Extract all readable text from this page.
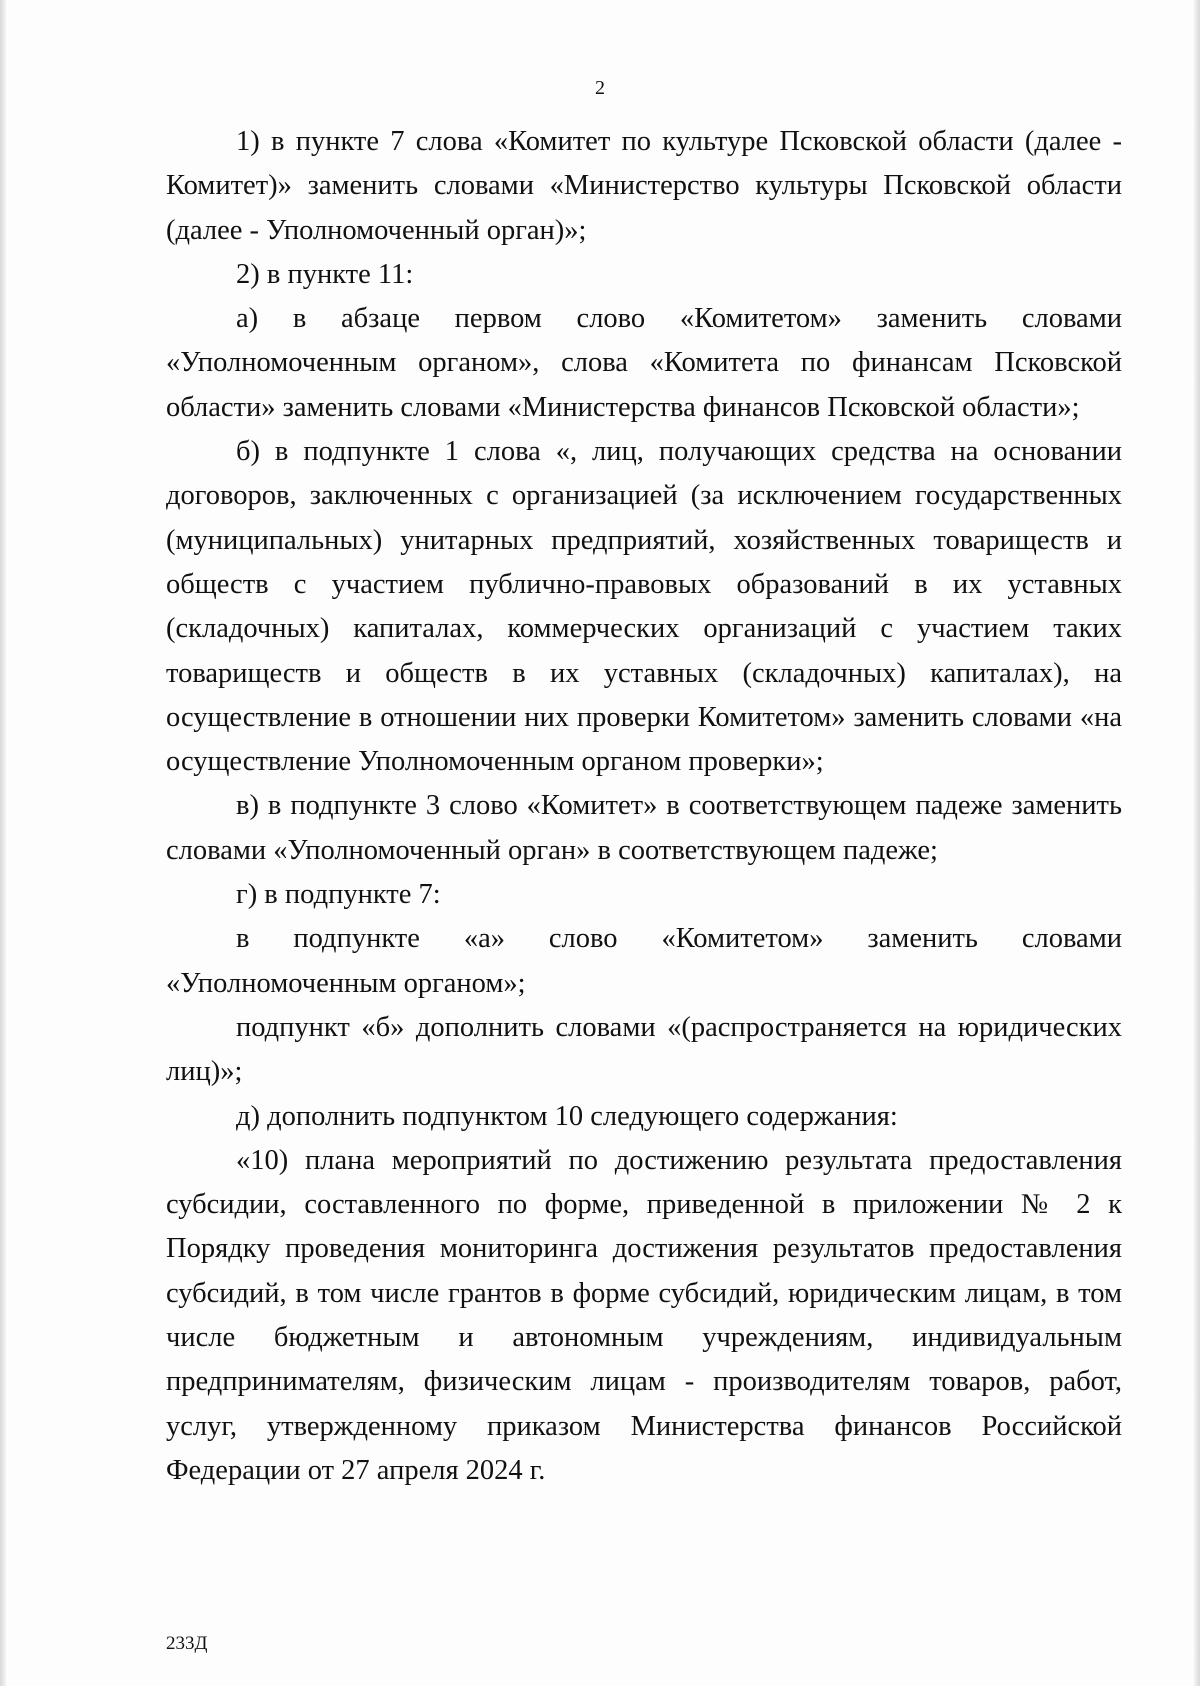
2

1) в пункте 7 слова «Комитет по культуре Псковской области (далее - Комитет)» заменить словами «Министерство культуры Псковской области (далее - Уполномоченный орган)»;

2) в пункте 11:

а) в абзаце первом слово «Комитетом» заменить словами «Уполномоченным органом», слова «Комитета по финансам Псковской области» заменить словами «Министерства финансов Псковской области»;

б) в подпункте 1 слова «, лиц, получающих средства на основании договоров, заключенных с организацией (за исключением государственных (муниципальных) унитарных предприятий, хозяйственных товариществ и обществ с участием публично-правовых образований в их уставных (складочных) капиталах, коммерческих организаций с участием таких товариществ и обществ в их уставных (складочных) капиталах), на осуществление в отношении них проверки Комитетом» заменить словами «на осуществление Уполномоченным органом проверки»;

в) в подпункте 3 слово «Комитет» в соответствующем падеже заменить словами «Уполномоченный орган» в соответствующем падеже;

г) в подпункте 7:

в подпункте «а» слово «Комитетом» заменить словами «Уполномоченным органом»;

подпункт «б» дополнить словами «(распространяется на юридических лиц)»;

д) дополнить подпунктом 10 следующего содержания:

«10) плана мероприятий по достижению результата предоставления субсидии, составленного по форме, приведенной в приложении № 2 к Порядку проведения мониторинга достижения результатов предоставления субсидий, в том числе грантов в форме субсидий, юридическим лицам, в том числе бюджетным и автономным учреждениям, индивидуальным предпринимателям, физическим лицам - производителям товаров, работ, услуг, утвержденному приказом Министерства финансов Российской Федерации от 27 апреля 2024 г.

233Д
